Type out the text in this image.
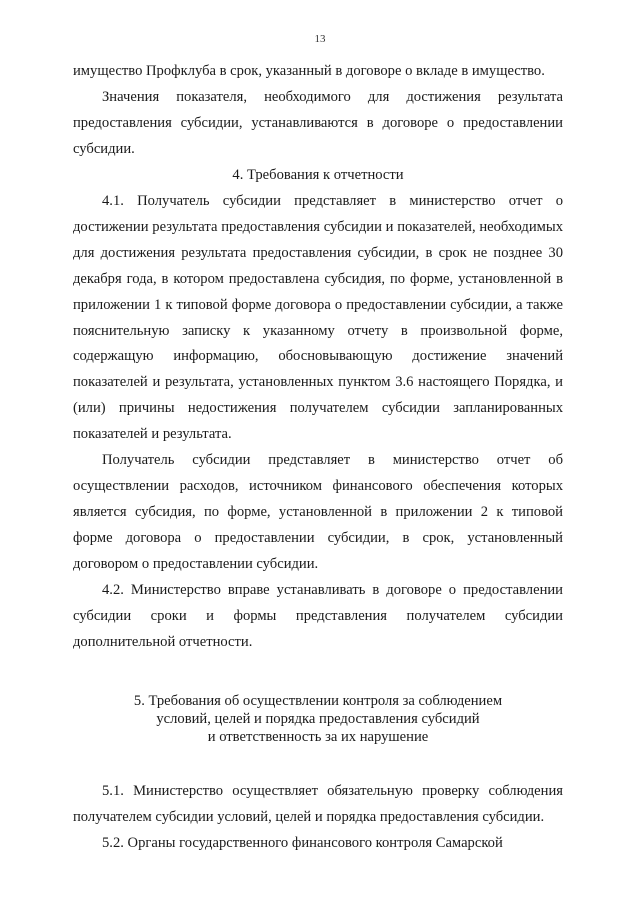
13

имущество Профклуба в срок, указанный в договоре о вкладе в имущество.

Значения показателя, необходимого для достижения результата предоставления субсидии, устанавливаются в договоре о предоставлении субсидии.

4. Требования к отчетности

4.1. Получатель субсидии представляет в министерство отчет о достижении результата предоставления субсидии и показателей, необходимых для достижения результата предоставления субсидии, в срок не позднее 30 декабря года, в котором предоставлена субсидия, по форме, установленной в приложении 1 к типовой форме договора о предоставлении субсидии, а также пояснительную записку к указанному отчету в произвольной форме, содержащую информацию, обосновывающую достижение значений показателей и результата, установленных пунктом 3.6 настоящего Порядка, и (или) причины недостижения получателем субсидии запланированных показателей и результата.

Получатель субсидии представляет в министерство отчет об осуществлении расходов, источником финансового обеспечения которых является субсидия, по форме, установленной в приложении 2 к типовой форме договора о предоставлении субсидии, в срок, установленный договором о предоставлении субсидии.

4.2. Министерство вправе устанавливать в договоре о предоставлении субсидии сроки и формы представления получателем субсидии дополнительной отчетности.

5. Требования об осуществлении контроля за соблюдением
условий, целей и порядка предоставления субсидий
и ответственность за их нарушение

5.1. Министерство осуществляет обязательную проверку соблюдения получателем субсидии условий, целей и порядка предоставления субсидии.

5.2. Органы государственного финансового контроля Самарской
